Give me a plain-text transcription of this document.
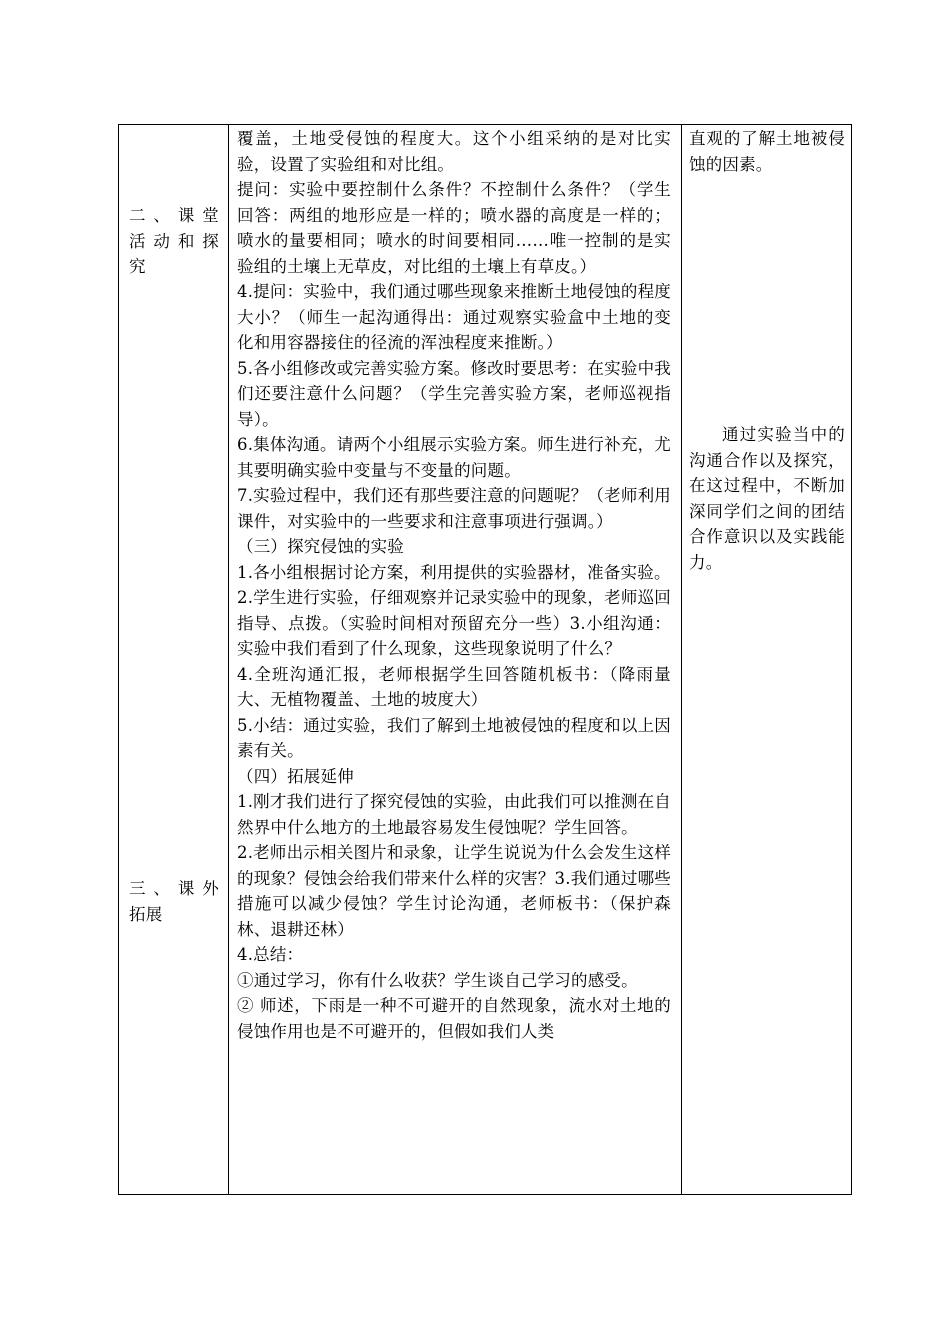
二、课堂
活动和探
究
三、课外
拓展

覆盖，土地受侵蚀的程度大。这个小组采纳的是对比实验，设置了实验组和对比组。

提问：实验中要控制什么条件？不控制什么条件？（学生回答：两组的地形应是一样的；喷水器的高度是一样的；喷水的量要相同；喷水的时间要相同……唯一控制的是实验组的土壤上无草皮，对比组的土壤上有草皮。）

4.提问：实验中，我们通过哪些现象来推断土地侵蚀的程度大小？（师生一起沟通得出：通过观察实验盒中土地的变化和用容器接住的径流的浑浊程度来推断。）

5.各小组修改或完善实验方案。修改时要思考：在实验中我们还要注意什么问题？（学生完善实验方案，老师巡视指导）。

6.集体沟通。请两个小组展示实验方案。师生进行补充，尤其要明确实验中变量与不变量的问题。

7.实验过程中，我们还有那些要注意的问题呢？（老师利用课件，对实验中的一些要求和注意事项进行强调。）

（三）探究侵蚀的实验

1.各小组根据讨论方案，利用提供的实验器材，准备实验。

2.学生进行实验，仔细观察并记录实验中的现象，老师巡回指导、点拨。（实验时间相对预留充分一些）3.小组沟通：实验中我们看到了什么现象，这些现象说明了什么？

4.全班沟通汇报，老师根据学生回答随机板书：（降雨量大、无植物覆盖、土地的坡度大）

5.小结：通过实验，我们了解到土地被侵蚀的程度和以上因素有关。

（四）拓展延伸

1.刚才我们进行了探究侵蚀的实验，由此我们可以推测在自然界中什么地方的土地最容易发生侵蚀呢？学生回答。

2.老师出示相关图片和录象，让学生说说为什么会发生这样的现象？侵蚀会给我们带来什么样的灾害？3.我们通过哪些措施可以减少侵蚀？学生讨论沟通，老师板书：（保护森林、退耕还林）

4.总结：

①通过学习，你有什么收获？学生谈自己学习的感受。

② 师述，下雨是一种不可避开的自然现象，流水对土地的侵蚀作用也是不可避开的，但假如我们人类

直观的了解土地被侵蚀的因素。

通过实验当中的沟通合作以及探究，在这过程中，不断加深同学们之间的团结合作意识以及实践能力。
